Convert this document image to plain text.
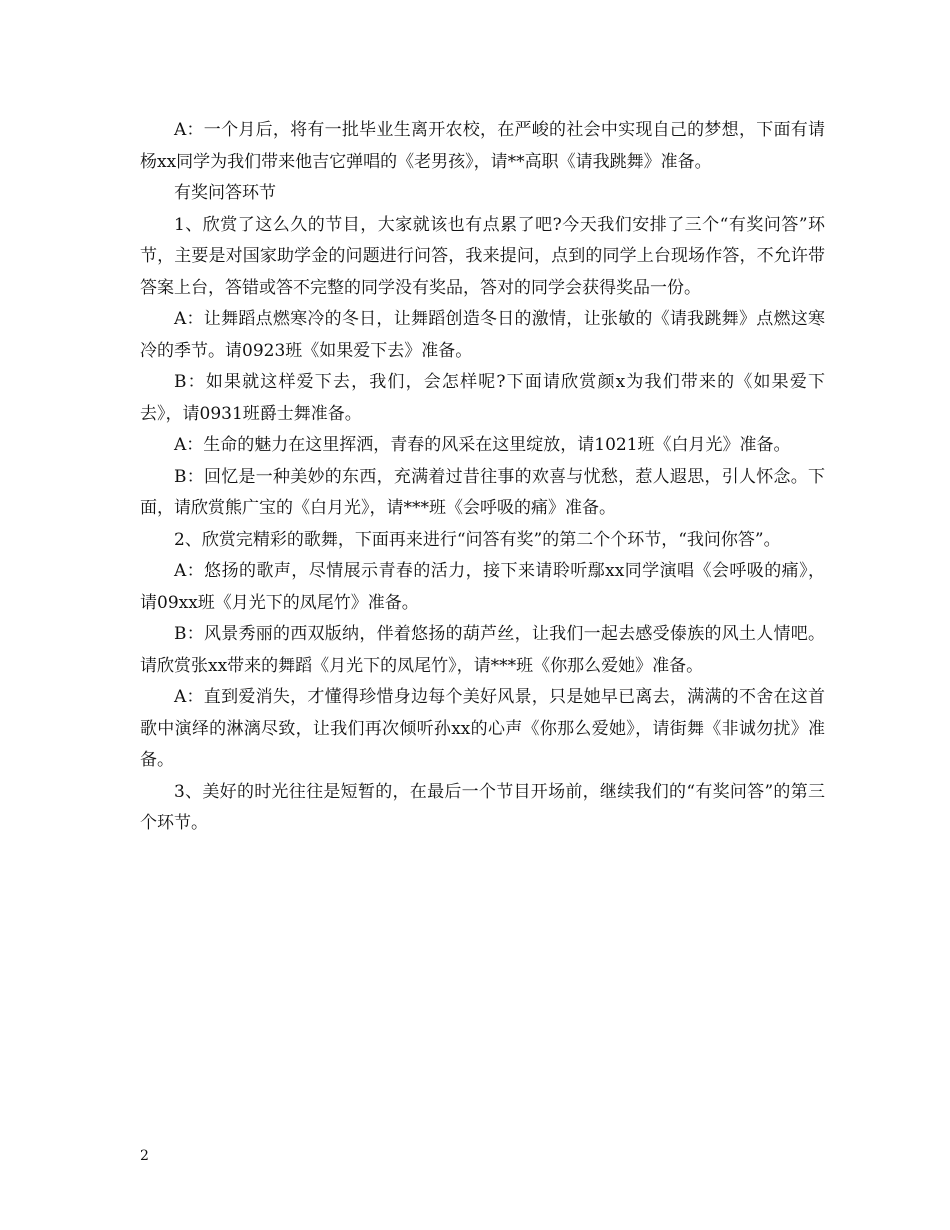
A：一个月后，将有一批毕业生离开农校，在严峻的社会中实现自己的梦想，下面有请杨xx同学为我们带来他吉它弹唱的《老男孩》，请**高职《请我跳舞》准备。

有奖问答环节

1、欣赏了这么久的节目，大家就该也有点累了吧?今天我们安排了三个“有奖问答”环节，主要是对国家助学金的问题进行问答，我来提问，点到的同学上台现场作答，不允许带答案上台，答错或答不完整的同学没有奖品，答对的同学会获得奖品一份。

A：让舞蹈点燃寒冷的冬日，让舞蹈创造冬日的激情，让张敏的《请我跳舞》点燃这寒冷的季节。请0923班《如果爱下去》准备。

B：如果就这样爱下去，我们，会怎样呢?下面请欣赏颜x为我们带来的《如果爱下去》，请0931班爵士舞准备。

A：生命的魅力在这里挥洒，青春的风采在这里绽放，请1021班《白月光》准备。

B：回忆是一种美妙的东西，充满着过昔往事的欢喜与忧愁，惹人遐思，引人怀念。下面，请欣赏熊广宝的《白月光》，请***班《会呼吸的痛》准备。

2、欣赏完精彩的歌舞，下面再来进行“问答有奖”的第二个个环节，“我问你答”。

A：悠扬的歌声，尽情展示青春的活力，接下来请聆听鄢xx同学演唱《会呼吸的痛》，请09xx班《月光下的凤尾竹》准备。

B：风景秀丽的西双版纳，伴着悠扬的葫芦丝，让我们一起去感受傣族的风土人情吧。请欣赏张xx带来的舞蹈《月光下的凤尾竹》，请***班《你那么爱她》准备。

A：直到爱消失，才懂得珍惜身边每个美好风景，只是她早已离去，满满的不舍在这首歌中演绎的淋漓尽致，让我们再次倾听孙xx的心声《你那么爱她》，请街舞《非诚勿扰》准备。

3、美好的时光往往是短暂的，在最后一个节目开场前，继续我们的“有奖问答”的第三个环节。

2
